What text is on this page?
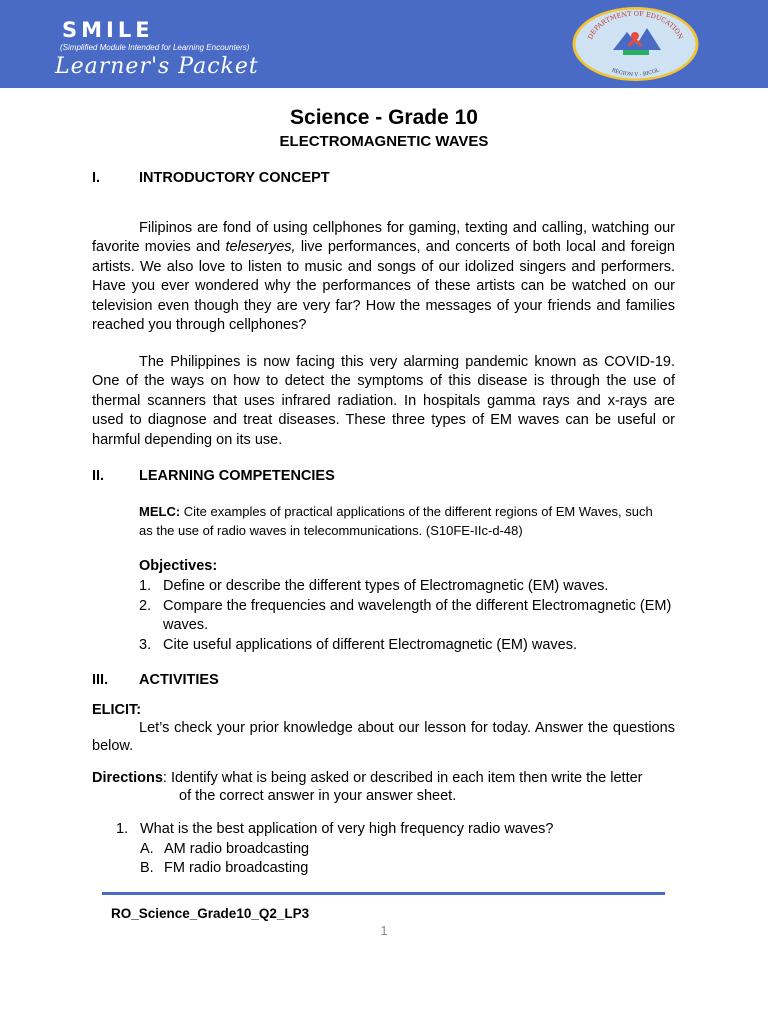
SMILE
(Simplified Module Intended for Learning Encounters)
Learner's Packet
DEPARTMENT OF EDUCATION
REGION V - BICOL
Science - Grade 10
ELECTROMAGNETIC WAVES
I.	INTRODUCTORY CONCEPT

Filipinos are fond of using cellphones for gaming, texting and calling, watching our favorite movies and teleseryes, live performances, and concerts of both local and foreign artists. We also love to listen to music and songs of our idolized singers and performers. Have you ever wondered why the performances of these artists can be watched on our television even though they are very far? How the messages of your friends and families reached you through cellphones?

The Philippines is now facing this very alarming pandemic known as COVID-19. One of the ways on how to detect the symptoms of this disease is through the use of thermal scanners that uses infrared radiation. In hospitals gamma rays and x-rays are used to diagnose and treat diseases. These three types of EM waves can be useful or harmful depending on its use.

II. LEARNING COMPETENCIES
MELC: Cite examples of practical applications of the different regions of EM Waves, such as the use of radio waves in telecommunications. (S10FE-IIc-d-48)
Objectives:
1. Define or describe the different types of Electromagnetic (EM) waves.
2. Compare the frequencies and wavelength of the different Electromagnetic (EM) waves.
3. Cite useful applications of different Electromagnetic (EM) waves.
III. ACTIVITIES
ELICIT:

Let’s check your prior knowledge about our lesson for today. Answer the questions below.

Directions: Identify what is being asked or described in each item then write the letter
of the correct answer in your answer sheet.
1. What is the best application of very high frequency radio waves?
A. AM radio broadcasting
B. FM radio broadcasting
RO_Science_Grade10_Q2_LP3
1
